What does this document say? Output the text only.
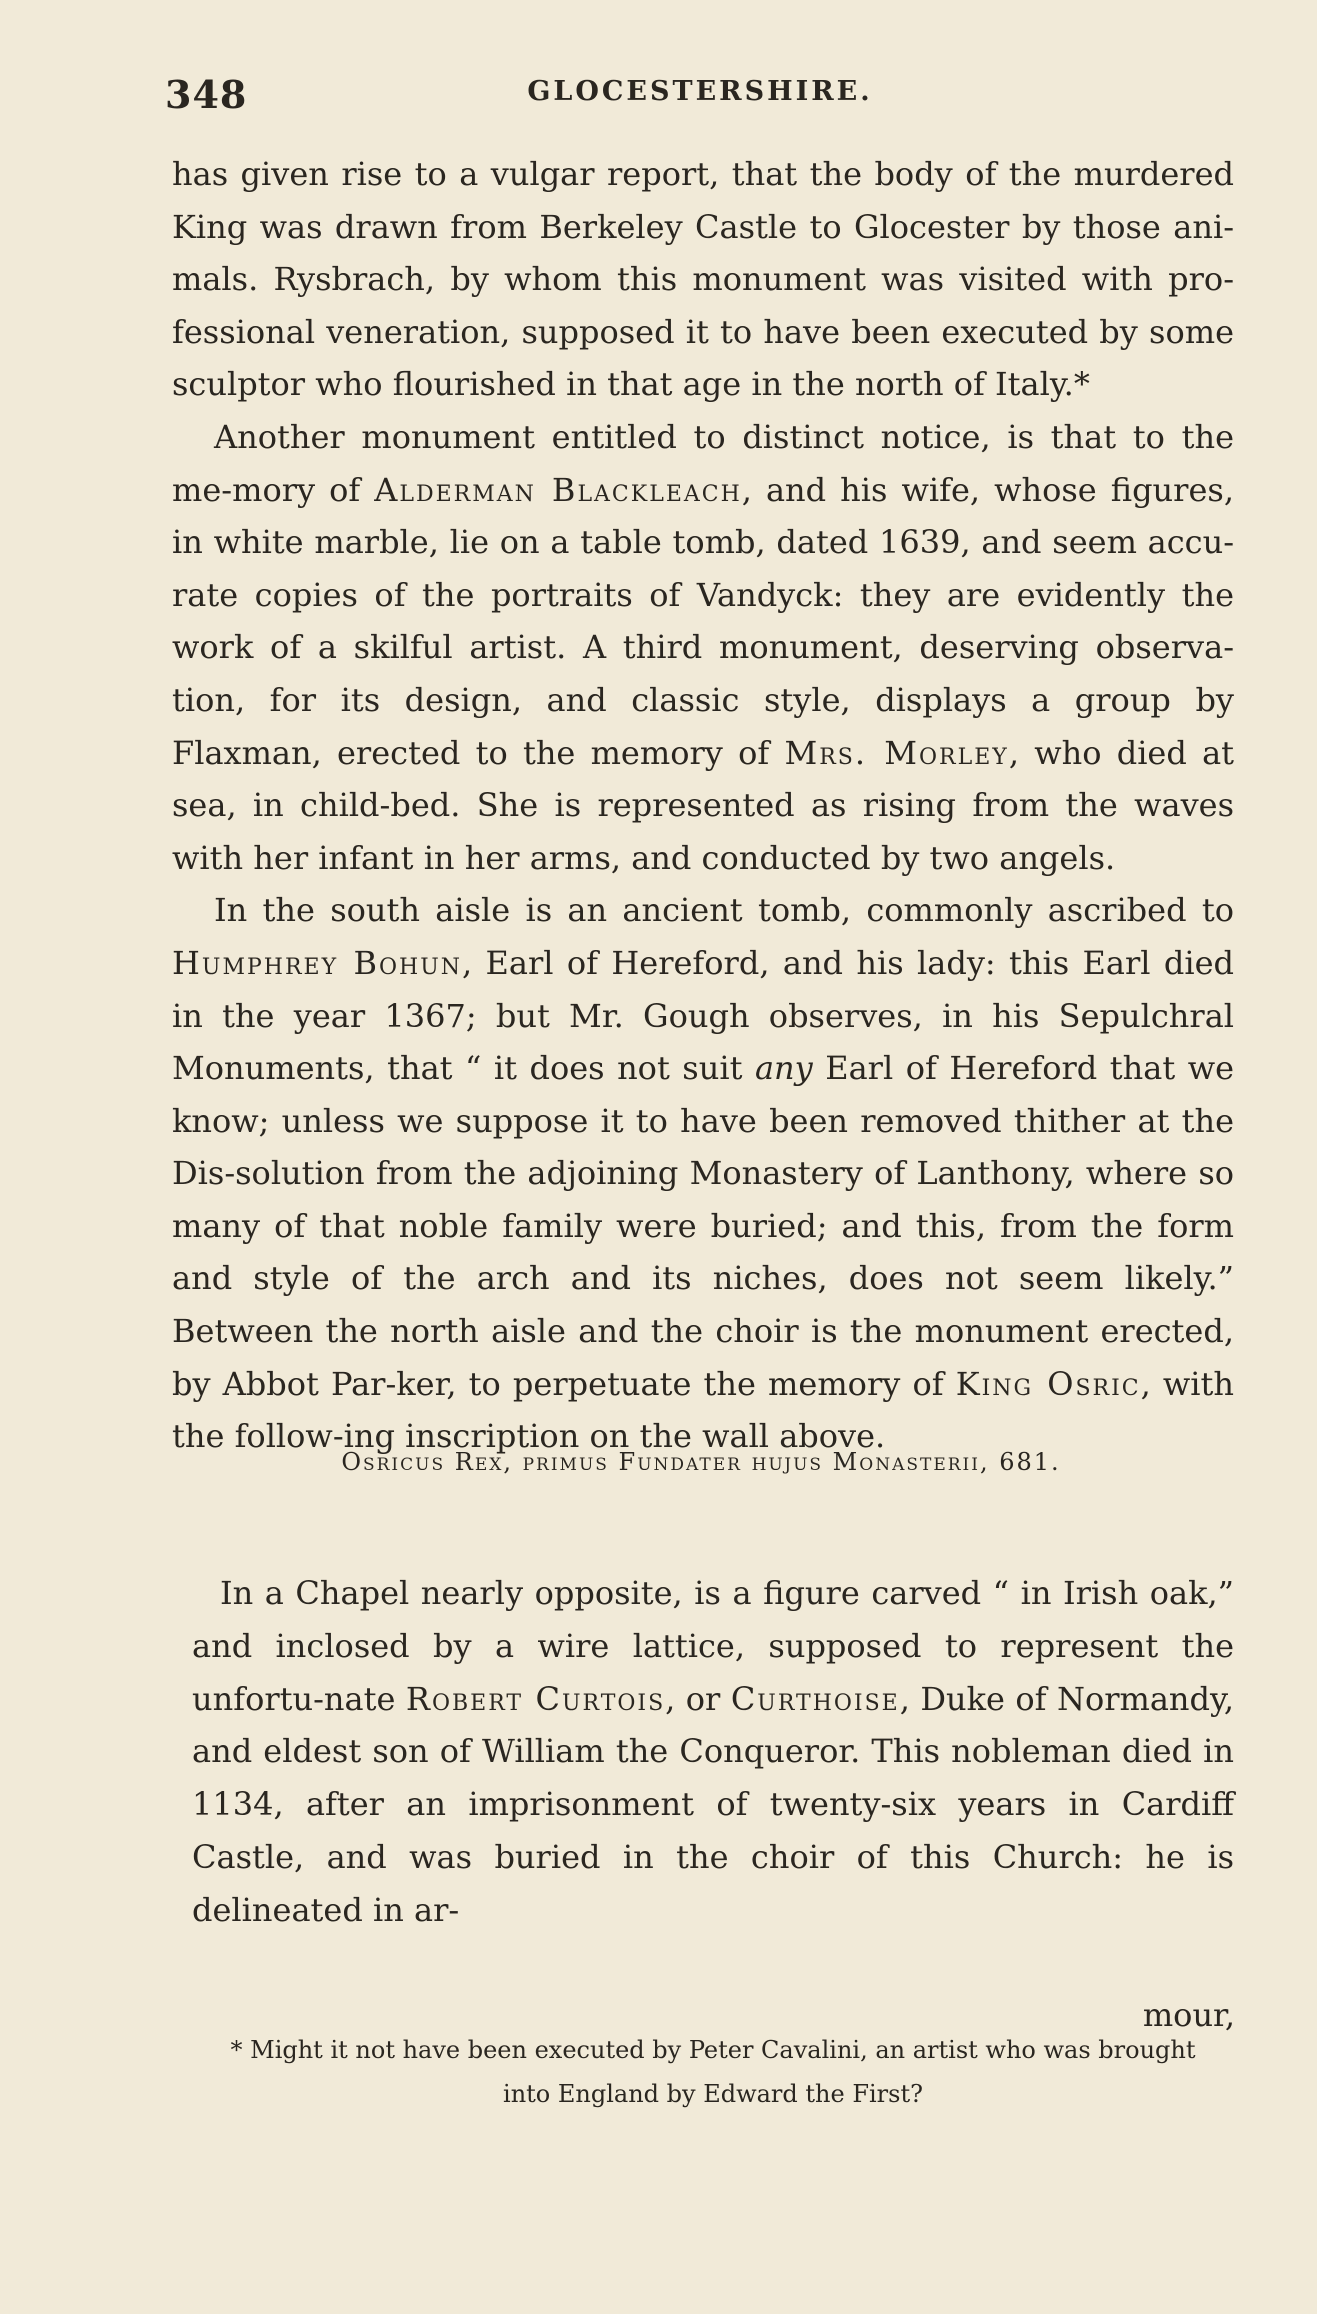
348	GLOCESTERSHIRE.

has given rise to a vulgar report, that the body of the murdered King was drawn from Berkeley Castle to Glocester by those ani- mals. Rysbrach, by whom this monument was visited with pro- fessional veneration, supposed it to have been executed by some sculptor who flourished in that age in the north of Italy.*

Another monument entitled to distinct notice, is that to the me-mory of Alderman Blackleach, and his wife, whose figures, in white marble, lie on a table tomb, dated 1639, and seem accu-rate copies of the portraits of Vandyck: they are evidently the work of a skilful artist. A third monument, deserving observa-tion, for its design, and classic style, displays a group by Flaxman, erected to the memory of Mrs. Morley, who died at sea, in child-bed. She is represented as rising from the waves with her infant in her arms, and conducted by two angels.

In the south aisle is an ancient tomb, commonly ascribed to Humphrey Bohun, Earl of Hereford, and his lady: this Earl died in the year 1367; but Mr. Gough observes, in his Sepulchral Monuments, that “ it does not suit any Earl of Hereford that we know; unless we suppose it to have been removed thither at the Dis-solution from the adjoining Monastery of Lanthony, where so many of that noble family were buried; and this, from the form and style of the arch and its niches, does not seem likely.” Between the north aisle and the choir is the monument erected, by Abbot Par-ker, to perpetuate the memory of King Osric, with the follow-ing inscription on the wall above.

Osricus Rex, primus Fundater hujus Monasterii, 681.

In a Chapel nearly opposite, is a figure carved “ in Irish oak,” and inclosed by a wire lattice, supposed to represent the unfortu-nate Robert Curtois, or Curthoise, Duke of Normandy, and eldest son of William the Conqueror. This nobleman died in 1134, after an imprisonment of twenty-six years in Cardiff Castle, and was buried in the choir of this Church: he is delineated in ar-

mour,
* Might it not have been executed by Peter Cavalini, an artist who was brought
into England by Edward the First?
